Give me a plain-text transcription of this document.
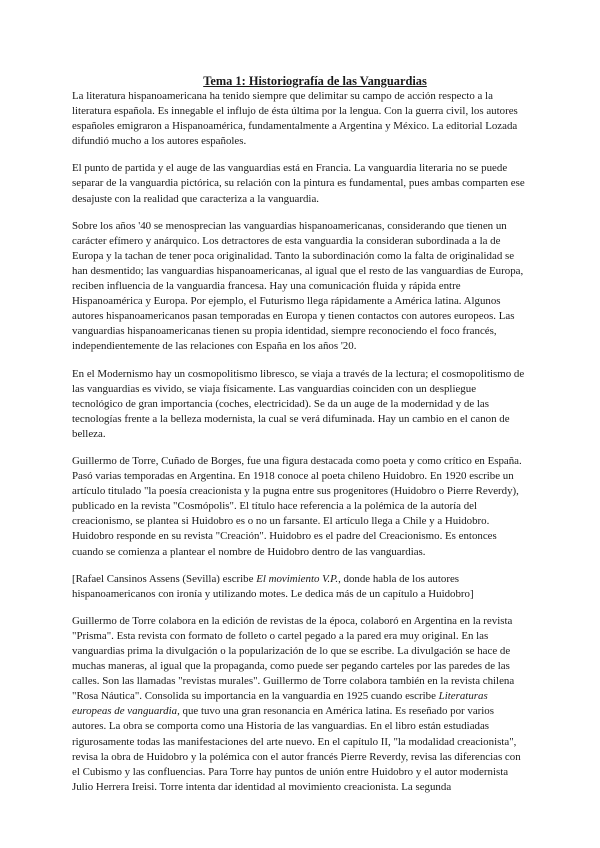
Tema 1: Historiografía de las Vanguardias

La literatura hispanoamericana ha tenido siempre que delimitar su campo de acción respecto a la literatura española. Es innegable el influjo de ésta última por la lengua. Con la guerra civil, los autores españoles emigraron a Hispanoamérica, fundamentalmente a Argentina y México. La editorial Lozada difundió mucho a los autores españoles.

El punto de partida y el auge de las vanguardias está en Francia. La vanguardia literaria no se puede separar de la vanguardia pictórica, su relación con la pintura es fundamental, pues ambas comparten ese desajuste con la realidad que caracteriza a la vanguardia.

Sobre los años '40 se menosprecian las vanguardias hispanoamericanas, considerando que tienen un carácter efímero y anárquico. Los detractores de esta vanguardia la consideran subordinada a la de Europa y la tachan de tener poca originalidad. Tanto la subordinación como la falta de originalidad se han desmentido; las vanguardias hispanoamericanas, al igual que el resto de las vanguardias de Europa, reciben influencia de la vanguardia francesa. Hay una comunicación fluida y rápida entre Hispanoamérica y Europa. Por ejemplo, el Futurismo llega rápidamente a América latina. Algunos autores hispanoamericanos pasan temporadas en Europa y tienen contactos con autores europeos. Las vanguardias hispanoamericanas tienen su propia identidad, siempre reconociendo el foco francés, independientemente de las relaciones con España en los años '20.

En el Modernismo hay un cosmopolitismo libresco, se viaja a través de la lectura; el cosmopolitismo de las vanguardias es vivido, se viaja físicamente. Las vanguardias coinciden con un despliegue tecnológico de gran importancia (coches, electricidad). Se da un auge de la modernidad y de las tecnologías frente a la belleza modernista, la cual se verá difuminada. Hay un cambio en el canon de belleza.

Guillermo de Torre, Cuñado de Borges, fue una figura destacada como poeta y como crítico en España. Pasó varias temporadas en Argentina. En 1918 conoce al poeta chileno Huidobro. En 1920 escribe un artículo titulado "la poesía creacionista y la pugna entre sus progenitores (Huidobro o Pierre Reverdy), publicado en la revista "Cosmópolis". El título hace referencia a la polémica de la autoría del creacionismo, se plantea si Huidobro es o no un farsante. El artículo llega a Chile y a Huidobro. Huidobro responde en su revista "Creación". Huidobro es el padre del Creacionismo. Es entonces cuando se comienza a plantear el nombre de Huidobro dentro de las vanguardias.

[Rafael Cansinos Assens (Sevilla) escribe El movimiento V.P., donde habla de los autores hispanoamericanos con ironía y utilizando motes. Le dedica más de un capítulo a Huidobro]

Guillermo de Torre colabora en la edición de revistas de la época, colaboró en Argentina en la revista "Prisma". Esta revista con formato de folleto o cartel pegado a la pared era muy original. En las vanguardias prima la divulgación o la popularización de lo que se escribe. La divulgación se hace de muchas maneras, al igual que la propaganda, como puede ser pegando carteles por las paredes de las calles. Son las llamadas "revistas murales". Guillermo de Torre colabora también en la revista chilena "Rosa Náutica". Consolida su importancia en la vanguardia en 1925 cuando escribe Literaturas europeas de vanguardia, que tuvo una gran resonancia en América latina. Es reseñado por varios autores. La obra se comporta como una Historia de las vanguardias. En el libro están estudiadas rigurosamente todas las manifestaciones del arte nuevo. En el capítulo II, "la modalidad creacionista", revisa la obra de Huidobro y la polémica con el autor francés Pierre Reverdy, revisa las diferencias con el Cubismo y las confluencias. Para Torre hay puntos de unión entre Huidobro y el autor modernista Julio Herrera Ireisi. Torre intenta dar identidad al movimiento creacionista. La segunda
